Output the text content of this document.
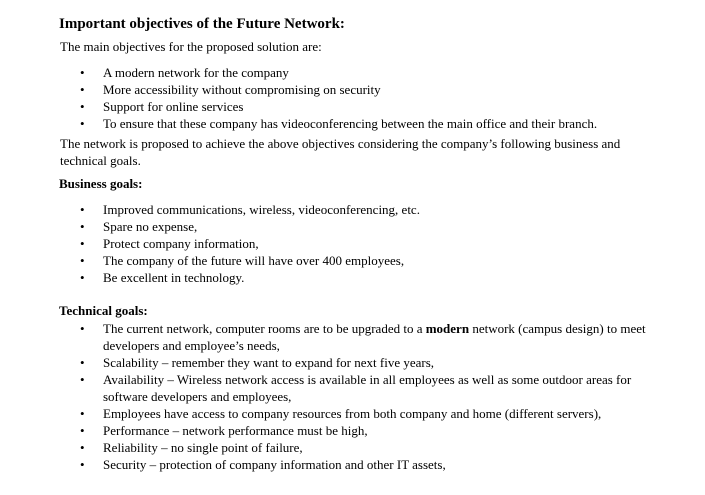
Important objectives of the Future Network:
The main objectives for the proposed solution are:
• A modern network for the company
• More accessibility without compromising on security
• Support for online services
• To ensure that these company has videoconferencing between the main office and their branch.
The network is proposed to achieve the above objectives considering the company’s following business and technical goals.
Business goals:
• Improved communications, wireless, videoconferencing, etc.
• Spare no expense,
• Protect company information,
• The company of the future will have over 400 employees,
• Be excellent in technology.
Technical goals:
• The current network, computer rooms are to be upgraded to a modern network (campus design) to meet developers and employee’s needs,
• Scalability – remember they want to expand for next five years,
• Availability – Wireless network access is available in all employees as well as some outdoor areas for software developers and employees,
• Employees have access to company resources from both company and home (different servers),
• Performance – network performance must be high,
• Reliability – no single point of failure,
• Security – protection of company information and other IT assets,
